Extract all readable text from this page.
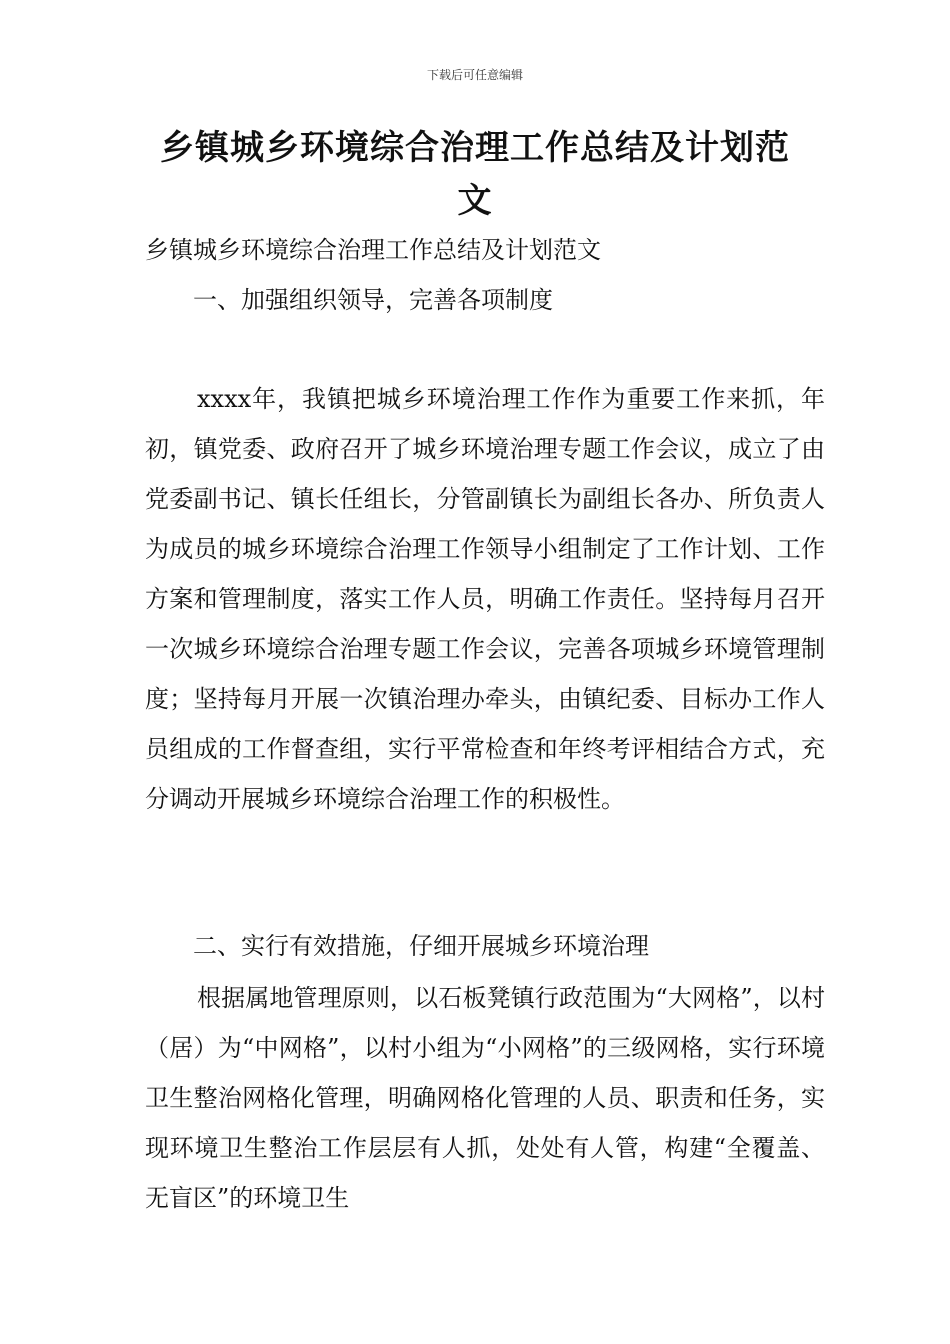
下载后可任意编辑
乡镇城乡环境综合治理工作总结及计划范文

乡镇城乡环境综合治理工作总结及计划范文

一、加强组织领导，完善各项制度

xxxx年，我镇把城乡环境治理工作作为重要工作来抓，年初，镇党委、政府召开了城乡环境治理专题工作会议，成立了由党委副书记、镇长任组长，分管副镇长为副组长各办、所负责人为成员的城乡环境综合治理工作领导小组制定了工作计划、工作方案和管理制度，落实工作人员，明确工作责任。坚持每月召开一次城乡环境综合治理专题工作会议，完善各项城乡环境管理制度；坚持每月开展一次镇治理办牵头，由镇纪委、目标办工作人员组成的工作督查组，实行平常检查和年终考评相结合方式，充分调动开展城乡环境综合治理工作的积极性。

二、实行有效措施，仔细开展城乡环境治理

根据属地管理原则，以石板凳镇行政范围为“大网格”，以村（居）为“中网格”，以村小组为“小网格”的三级网格，实行环境卫生整治网格化管理，明确网格化管理的人员、职责和任务，实现环境卫生整治工作层层有人抓，处处有人管，构建“全覆盖、无盲区”的环境卫生
